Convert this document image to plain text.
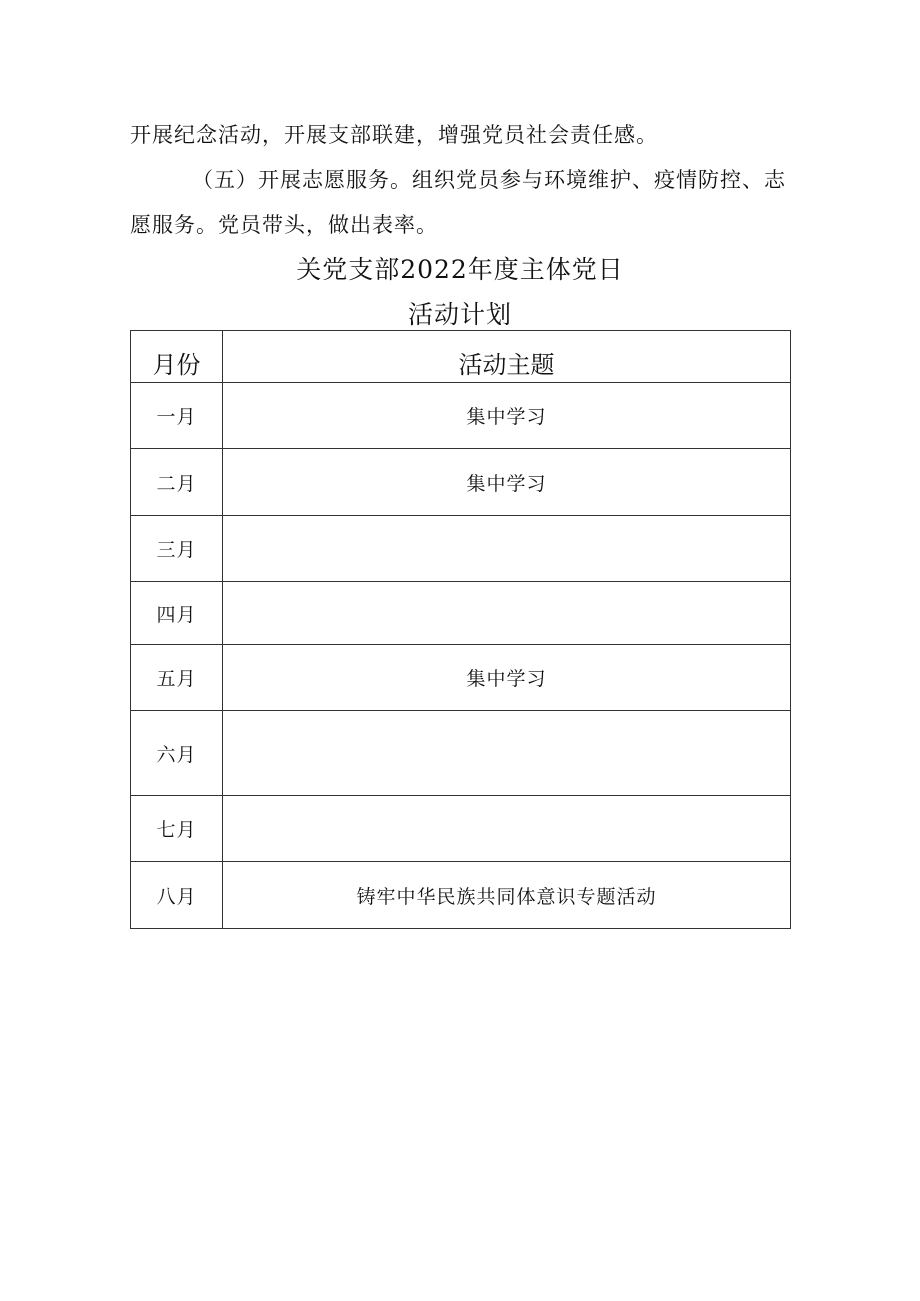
开展纪念活动，开展支部联建，增强党员社会责任感。

（五）开展志愿服务。组织党员参与环境维护、疫情防控、志愿服务。党员带头，做出表率。

关党支部2022年度主体党日
活动计划
月份	活动主题
一月	集中学习
二月	集中学习
三月	
四月	
五月	集中学习
六月	
七月	
八月	铸牢中华民族共同体意识专题活动
